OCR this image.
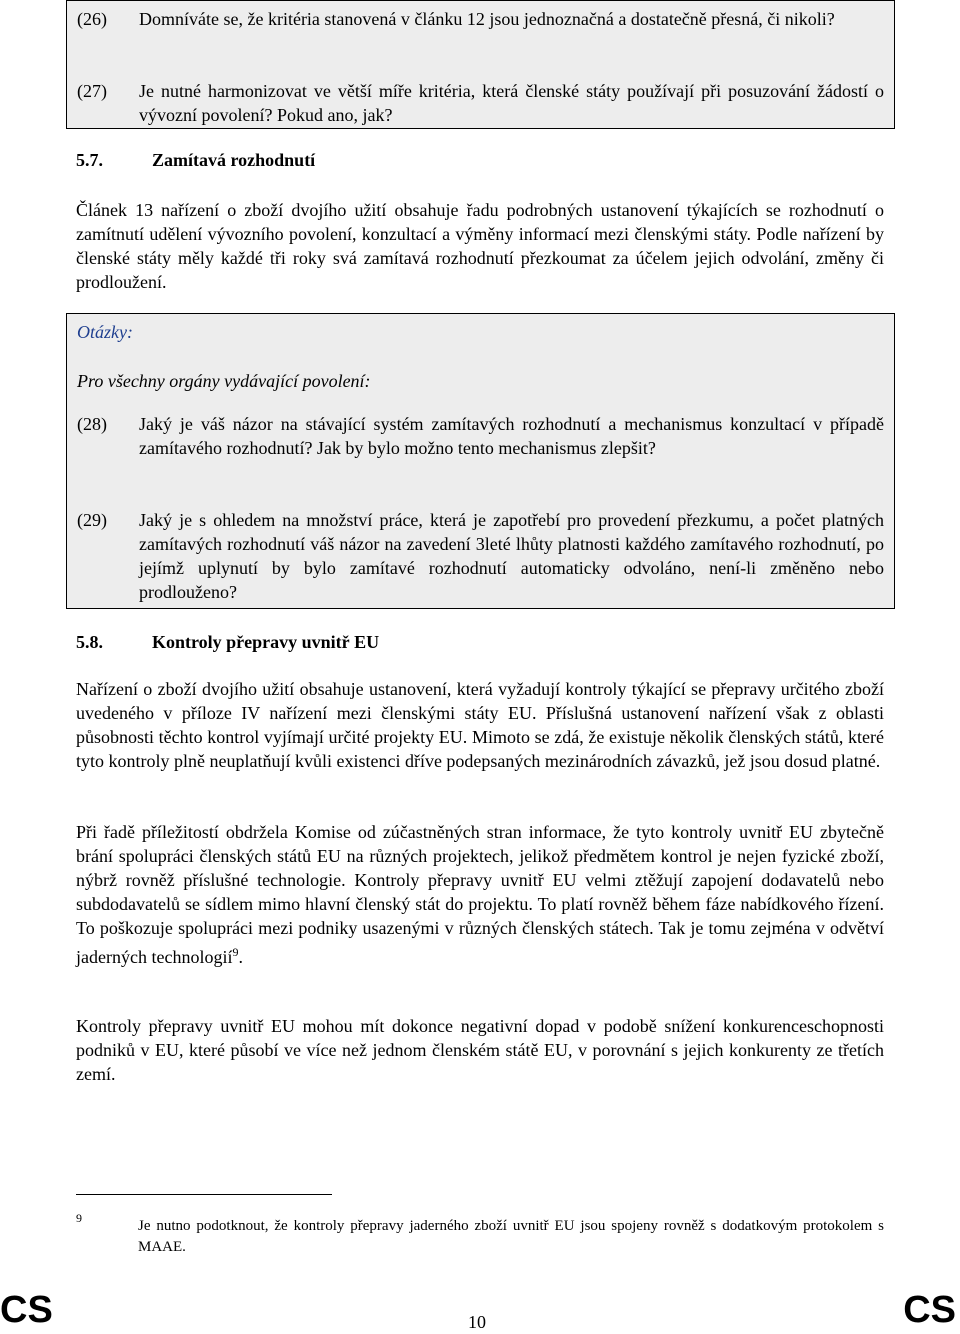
(26) Domníváte se, že kritéria stanovená v článku 12 jsou jednoznačná a dostatečně přesná, či nikoli?
(27) Je nutné harmonizovat ve větší míře kritéria, která členské státy používají při posuzování žádostí o vývozní povolení? Pokud ano, jak?
5.7.	Zamítavá rozhodnutí
Článek 13 nařízení o zboží dvojího užití obsahuje řadu podrobných ustanovení týkajících se rozhodnutí o zamítnutí udělení vývozního povolení, konzultací a výměny informací mezi členskými státy. Podle nařízení by členské státy měly každé tři roky svá zamítavá rozhodnutí přezkoumat za účelem jejich odvolání, změny či prodloužení.
Otázky:
Pro všechny orgány vydávající povolení:
(28) Jaký je váš názor na stávající systém zamítavých rozhodnutí a mechanismus konzultací v případě zamítavého rozhodnutí? Jak by bylo možno tento mechanismus zlepšit?
(29) Jaký je s ohledem na množství práce, která je zapotřebí pro provedení přezkumu, a počet platných zamítavých rozhodnutí váš názor na zavedení 3leté lhůty platnosti každého zamítavého rozhodnutí, po jejímž uplynutí by bylo zamítavé rozhodnutí automaticky odvoláno, není-li změněno nebo prodlouženo?
5.8.	Kontroly přepravy uvnitř EU
Nařízení o zboží dvojího užití obsahuje ustanovení, která vyžadují kontroly týkající se přepravy určitého zboží uvedeného v příloze IV nařízení mezi členskými státy EU. Příslušná ustanovení nařízení však z oblasti působnosti těchto kontrol vyjímají určité projekty EU. Mimoto se zdá, že existuje několik členských států, které tyto kontroly plně neuplatňují kvůli existenci dříve podepsaných mezinárodních závazků, jež jsou dosud platné.
Při řadě příležitostí obdržela Komise od zúčastněných stran informace, že tyto kontroly uvnitř EU zbytečně brání spolupráci členských států EU na různých projektech, jelikož předmětem kontrol je nejen fyzické zboží, nýbrž rovněž příslušné technologie. Kontroly přepravy uvnitř EU velmi ztěžují zapojení dodavatelů nebo subdodavatelů se sídlem mimo hlavní členský stát do projektu. To platí rovněž během fáze nabídkového řízení. To poškozuje spolupráci mezi podniky usazenými v různých členských státech. Tak je tomu zejména v odvětví jaderných technologií$^9$.
Kontroly přepravy uvnitř EU mohou mít dokonce negativní dopad v podobě snížení konkurenceschopnosti podniků v EU, které působí ve více než jednom členském státě EU, v porovnání s jejich konkurenty ze třetích zemí.
9	Je nutno podotknout, že kontroly přepravy jaderného zboží uvnitř EU jsou spojeny rovněž s dodatkovým protokolem s MAAE.
CS	10	CS
